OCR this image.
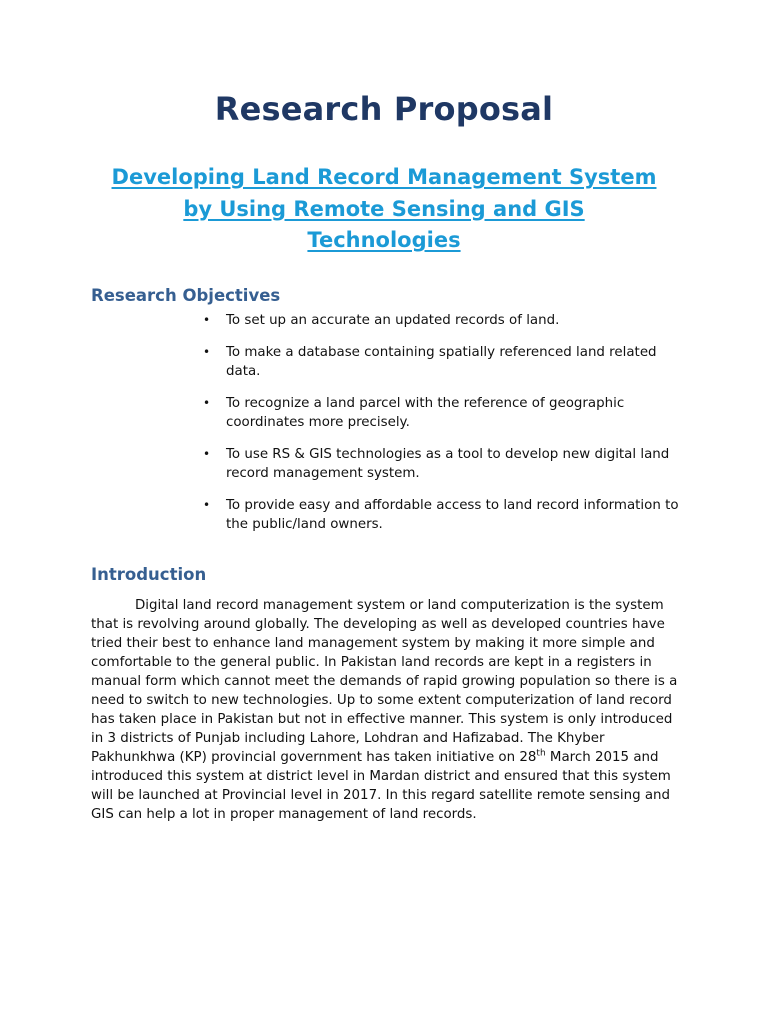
Research Proposal
Developing Land Record Management System
by Using Remote Sensing and GIS
Technologies
Research Objectives
• To set up an accurate an updated records of land.
• To make a database containing spatially referenced land related data.
• To recognize a land parcel with the reference of geographic coordinates more precisely.
• To use RS & GIS technologies as a tool to develop new digital land record management system.
• To provide easy and affordable access to land record information to the public/land owners.
Introduction
Digital land record management system or land computerization is the system that is revolving around globally. The developing as well as developed countries have tried their best to enhance land management system by making it more simple and comfortable to the general public. In Pakistan land records are kept in a registers in manual form which cannot meet the demands of rapid growing population so there is a need to switch to new technologies. Up to some extent computerization of land record has taken place in Pakistan but not in effective manner. This system is only introduced in 3 districts of Punjab including Lahore, Lohdran and Hafizabad. The Khyber Pakhunkhwa (KP) provincial government has taken initiative on 28th March 2015 and introduced this system at district level in Mardan district and ensured that this system will be launched at Provincial level in 2017. In this regard satellite remote sensing and GIS can help a lot in proper management of land records.
